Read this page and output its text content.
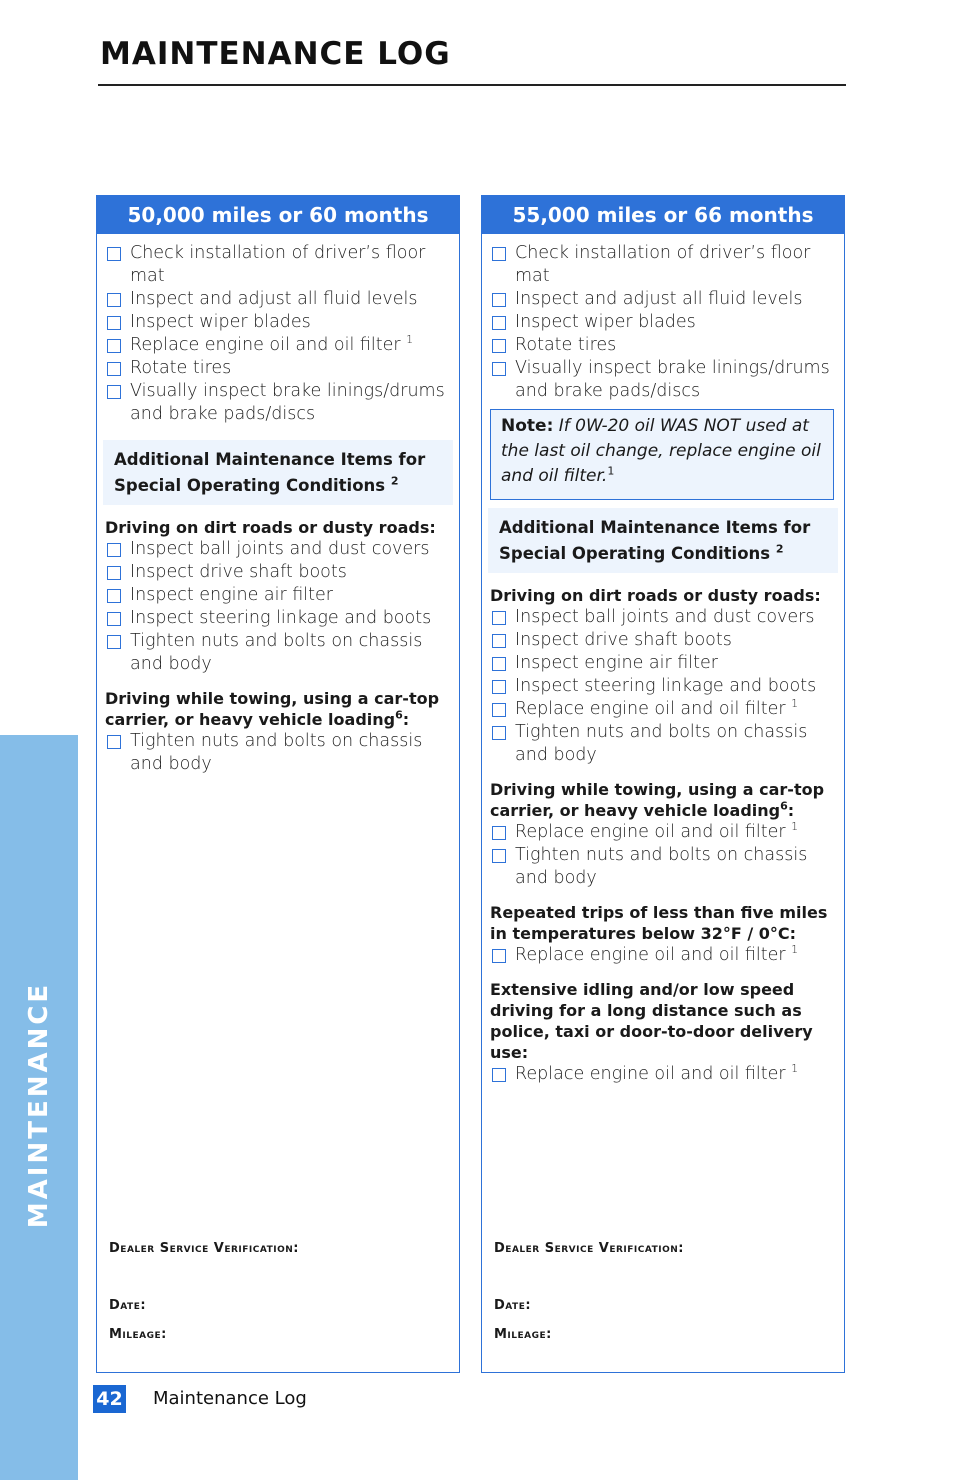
MAINTENANCE LOG
MAINTENANCE
50,000 miles or 60 months
Check installation of driver’s floor mat
Inspect and adjust all fluid levels
Inspect wiper blades
Replace engine oil and oil filter $^1$
Rotate tires
Visually inspect brake linings/drums and brake pads/discs
Additional Maintenance Items for Special Operating Conditions $^2$
Driving on dirt roads or dusty roads:
Inspect ball joints and dust covers
Inspect drive shaft boots
Inspect engine air filter
Inspect steering linkage and boots
Tighten nuts and bolts on chassis and body
Driving while towing, using a car-top carrier, or heavy vehicle loading$^6$:
Tighten nuts and bolts on chassis and body
Dealer Service Verification:
Date:
Mileage:
55,000 miles or 66 months
Check installation of driver’s floor mat
Inspect and adjust all fluid levels
Inspect wiper blades
Rotate tires
Visually inspect brake linings/drums and brake pads/discs
Note: If 0W-20 oil WAS NOT used at the last oil change, replace engine oil and oil filter.$^1$
Additional Maintenance Items for Special Operating Conditions $^2$
Driving on dirt roads or dusty roads:
Inspect ball joints and dust covers
Inspect drive shaft boots
Inspect engine air filter
Inspect steering linkage and boots
Replace engine oil and oil filter $^1$
Tighten nuts and bolts on chassis and body
Driving while towing, using a car-top carrier, or heavy vehicle loading$^6$:
Replace engine oil and oil filter $^1$
Tighten nuts and bolts on chassis and body
Repeated trips of less than five miles in temperatures below 32°F / 0°C:
Replace engine oil and oil filter $^1$
Extensive idling and/or low speed driving for a long distance such as police, taxi or door-to-door delivery use:
Replace engine oil and oil filter $^1$
Dealer Service Verification:
Date:
Mileage:
42 Maintenance Log
